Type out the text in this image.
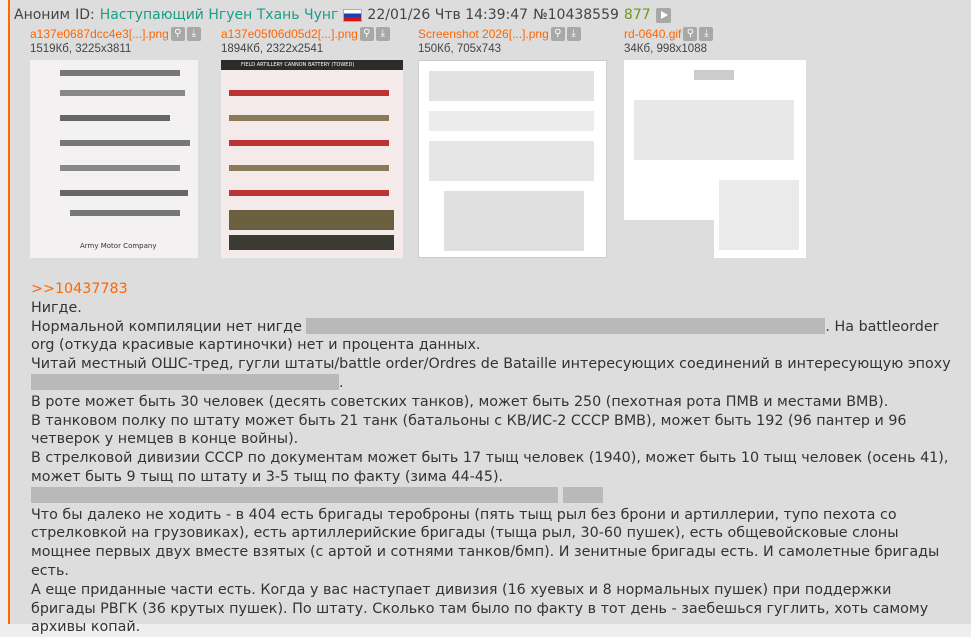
Аноним ID: Наступающий Нгуен Тхань Чунг 22/01/26 Чтв 14:39:47 №10438559 877
a137e0687dcc4e3[...].png ⚲	⤓
1519Кб, 3225x3811
a137e05f06d05d2[...].png ⚲	⤓
1894Кб, 2322x2541
Screenshot 2026[...].png ⚲	⤓
150Кб, 705x743
rd-0640.gif ⚲	⤓
34Кб, 998x1088
Army Motor Company
FIELD ARTILLERY CANNON BATTERY (TOWED)

>>10437783

Нигде.

Нормальной компиляции нет нигде	. На battleorder org (откуда красивые картиночки) нет и процента данных.

Читай местный ОШС-тред, гугли штаты/battle order/Ordres de Bataille интересующих соединений в интересующую эпоху .

В роте может быть 30 человек (десять советских танков), может быть 250 (пехотная рота ПМВ и местами ВМВ).

В танковом полку по штату может быть 21 танк (батальоны с КВ/ИС-2 СССР ВМВ), может быть 192 (96 пантер и 96 четверок у немцев в конце войны).

В стрелковой дивизии СССР по документам может быть 17 тыщ человек (1940), может быть 10 тыщ человек (осень 41), может быть 9 тыщ по штату и 3-5 тыщ по факту (зима 44-45).

Что бы далеко не ходить - в 404 есть бригады тероброны (пять тыщ рыл без брони и артиллерии, тупо пехота со стрелковкой на грузовиках), есть артиллерийские бригады (тыща рыл, 30-60 пушек), есть общевойсковые слоны мощнее первых двух вместе взятых (с артой и сотнями танков/бмп). И зенитные бригады есть. И самолетные бригады есть.

А еще приданные части есть. Когда у вас наступает дивизия (16 хуевых и 8 нормальных пушек) при поддержки бригады РВГК (36 крутых пушек). По штату. Сколько там было по факту в тот день - заебешься гуглить, хоть самому архивы копай.
